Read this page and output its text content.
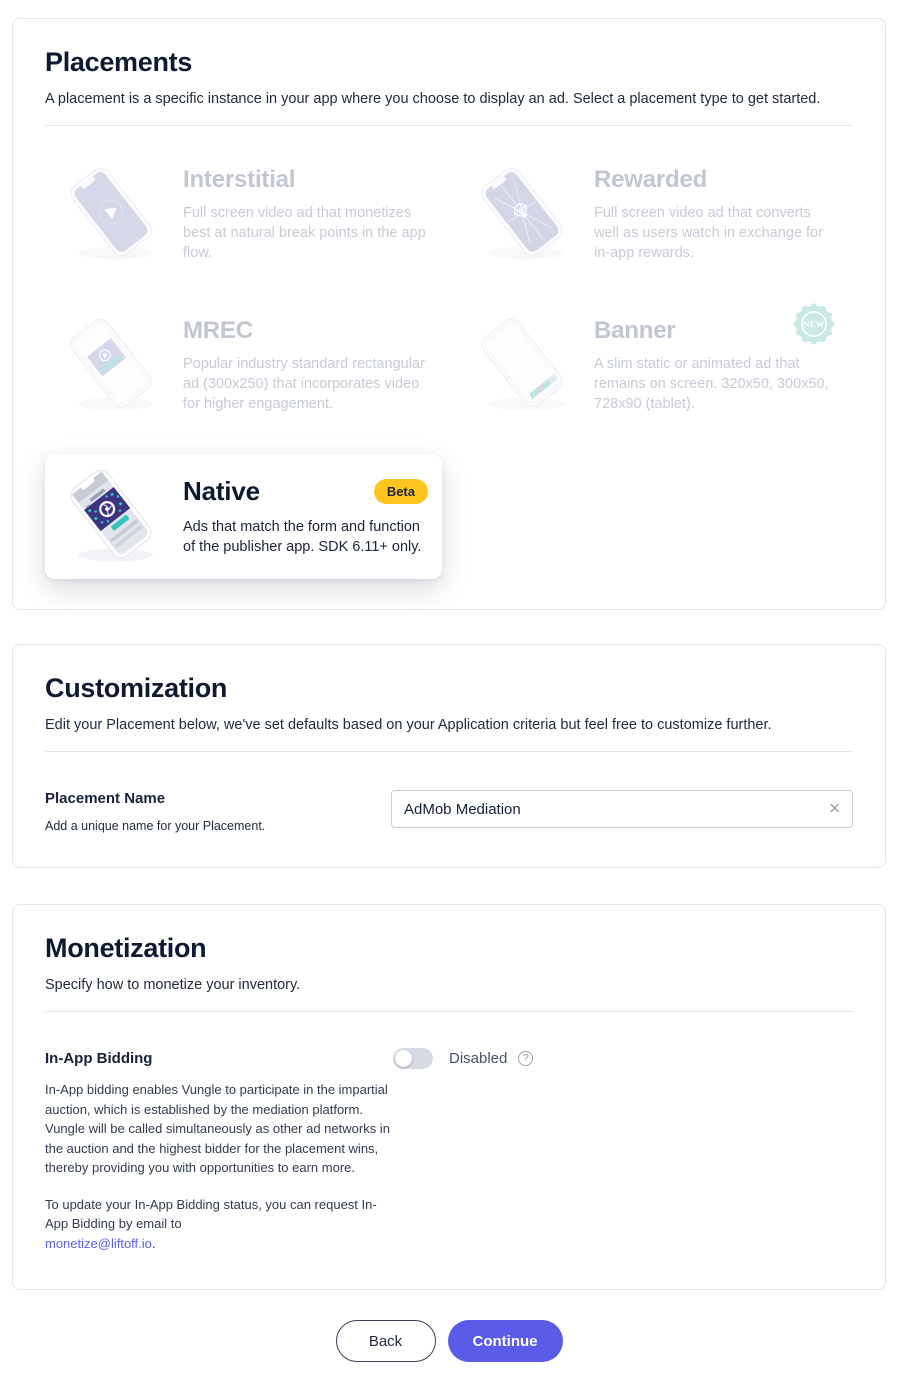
Placements

A placement is a specific instance in your app where you choose to display an ad. Select a placement type to get started.

Interstitial
Full screen video ad that monetizes best at natural break points in the app flow.
Rewarded
Full screen video ad that converts well as users watch in exchange for in-app rewards.
MREC
Popular industry standard rectangular ad (300x250) that incorporates video for higher engagement.
Banner
A slim static or animated ad that remains on screen. 320x50, 300x50, 728x90 (tablet).
NEW
Native	Beta
Ads that match the form and function of the publisher app. SDK 6.11+ only.
Customization

Edit your Placement below, we've set defaults based on your Application criteria but feel free to customize further.

Placement Name
Add a unique name for your Placement.
AdMob Mediation
✕
Monetization

Specify how to monetize your inventory.

In-App Bidding

In-App bidding enables Vungle to participate in the impartial auction, which is established by the mediation platform. Vungle will be called simultaneously as other ad networks in the auction and the highest bidder for the placement wins, thereby providing you with opportunities to earn more.

To update your In-App Bidding status, you can request In-App Bidding by email to
monetize@liftoff.io.

Disabled	?
Back	Continue
